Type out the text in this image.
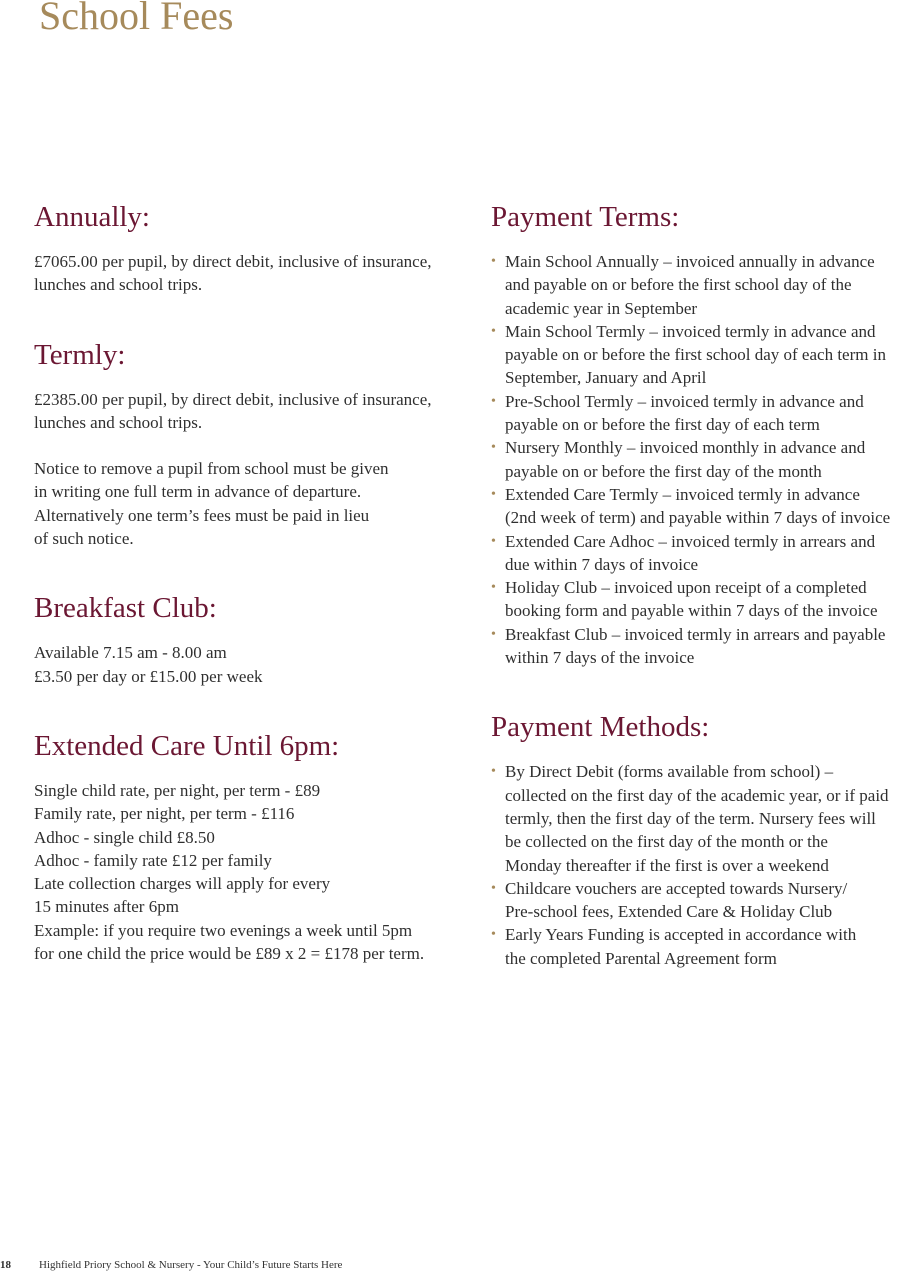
School Fees
Annually:

£7065.00 per pupil, by direct debit, inclusive of insurance,
lunches and school trips.

Termly:

£2385.00 per pupil, by direct debit, inclusive of insurance,
lunches and school trips.

Notice to remove a pupil from school must be given
in writing one full term in advance of departure.
Alternatively one term’s fees must be paid in lieu
of such notice.

Breakfast Club:

Available 7.15 am - 8.00 am
£3.50 per day or £15.00 per week

Extended Care Until 6pm:

Single child rate, per night, per term - £89
Family rate, per night, per term - £116
Adhoc - single child £8.50
Adhoc - family rate £12 per family
Late collection charges will apply for every
15 minutes after 6pm
Example: if you require two evenings a week until 5pm
for one child the price would be £89 x 2 = £178 per term.

Payment Terms:
• Main School Annually – invoiced annually in advance
and payable on or before the first school day of the
academic year in September
• Main School Termly – invoiced termly in advance and
payable on or before the first school day of each term in
September, January and April
• Pre-School Termly – invoiced termly in advance and
payable on or before the first day of each term
• Nursery Monthly – invoiced monthly in advance and
payable on or before the first day of the month
• Extended Care Termly – invoiced termly in advance
(2nd week of term) and payable within 7 days of invoice
• Extended Care Adhoc – invoiced termly in arrears and
due within 7 days of invoice
• Holiday Club – invoiced upon receipt of a completed
booking form and payable within 7 days of the invoice
• Breakfast Club – invoiced termly in arrears and payable
within 7 days of the invoice
Payment Methods:
• By Direct Debit (forms available from school) –
collected on the first day of the academic year, or if paid
termly, then the first day of the term. Nursery fees will
be collected on the first day of the month or the
Monday thereafter if the first is over a weekend
• Childcare vouchers are accepted towards Nursery/
Pre-school fees, Extended Care & Holiday Club
• Early Years Funding is accepted in accordance with
the completed Parental Agreement form
18	Highfield Priory School & Nursery - Your Child’s Future Starts Here
